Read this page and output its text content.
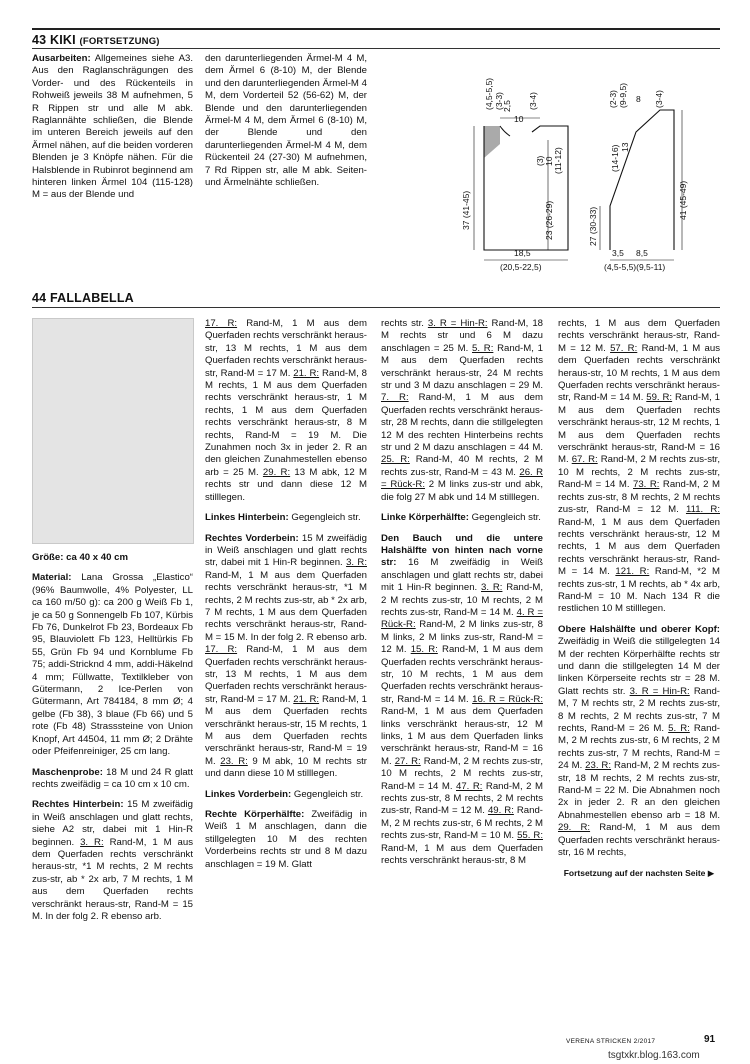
43 KIKI (FORTSETZUNG)

Ausarbeiten: Allgemeines siehe A3. Aus den Raglanschrägungen des Vorder- und des Rückenteils in Rohweiß jeweils 38 M aufnehmen, 5 R Rippen str und alle M abk. Raglannähte schließen, die Blende im unteren Bereich jeweils auf den Ärmel nähen, auf die beiden vorderen Blenden je 3 Knöpfe nähen. Für die Halsblende in Rubinrot beginnend am hinteren linken Ärmel 104 (115-128) M = aus der Blende und

den darunterliegenden Ärmel-M 4 M, dem Ärmel 6 (8-10) M, der Blende und den darunterliegenden Ärmel-M 4 M, dem Vorderteil 52 (56-62) M, der Blende und den darunterliegenden Ärmel-M 4 M, dem Ärmel 6 (8-10) M, der Blende und den darunterliegenden Ärmel-M 4 M, dem Rückenteil 24 (27-30) M aufnehmen, 7 Rd Rippen str, alle M abk. Seiten- und Ärmelnähte schließen.

37 (41-45)
(4,5-5,5) (3-3)
2,5
10
(3-4)
(3) 10 (11-12)
23 (26-29)
18,5
(20,5-22,5)
(2-3) (9-9,5) 8 (3-4)
(14-16) 13
41 (45-49)
27 (30-33)
3,5 8,5
(4,5-5,5)(9,5-11)
44 FALLABELLA

Größe: ca 40 x 40 cm

Material: Lana Grossa „Elastico“ (96% Baumwolle, 4% Polyester, LL ca 160 m/50 g): ca 200 g Weiß Fb 1, je ca 50 g Sonnengelb Fb 107, Kürbis Fb 76, Dunkelrot Fb 23, Bordeaux Fb 95, Blauviolett Fb 123, Helltürkis Fb 55, Grün Fb 94 und Kornblume Fb 75; addi-Stricknd 4 mm, addi-Häkelnd 4 mm; Füllwatte, Textilkleber von Gütermann, 2 Ice-Perlen von Gütermann, Art 784184, 8 mm Ø; 4 gelbe (Fb 38), 3 blaue (Fb 66) und 5 rote (Fb 48) Strasssteine von Union Knopf, Art 44504, 11 mm Ø; 2 Drähte oder Pfeifenreiniger, 25 cm lang.

Maschenprobe: 18 M und 24 R glatt rechts zweifädig = ca 10 cm x 10 cm.

Rechtes Hinterbein: 15 M zweifädig in Weiß anschlagen und glatt rechts, siehe A2 str, dabei mit 1 Hin-R beginnen. 3. R: Rand-M, 1 M aus dem Querfaden rechts verschränkt heraus-str, *1 M rechts, 2 M rechts zus-str, ab * 2x arb, 7 M rechts, 1 M aus dem Querfaden rechts verschränkt heraus-str, Rand-M = 15 M. In der folg 2. R ebenso arb.

17. R: Rand-M, 1 M aus dem Querfaden rechts verschränkt heraus-str, 13 M rechts, 1 M aus dem Querfaden rechts verschränkt heraus-str, Rand-M = 17 M. 21. R: Rand-M, 8 M rechts, 1 M aus dem Querfaden rechts verschränkt heraus-str, 1 M rechts, 1 M aus dem Querfaden rechts verschränkt heraus-str, 8 M rechts, Rand-M = 19 M. Die Zunahmen noch 3x in jeder 2. R an den gleichen Zunahmestellen ebenso arb = 25 M. 29. R: 13 M abk, 12 M rechts str und dann diese 12 M stilllegen.

Linkes Hinterbein: Gegengleich str.

Rechtes Vorderbein: 15 M zweifädig in Weiß anschlagen und glatt rechts str, dabei mit 1 Hin-R beginnen. 3. R: Rand-M, 1 M aus dem Querfaden rechts verschränkt heraus-str, *1 M rechts, 2 M rechts zus-str, ab * 2x arb, 7 M rechts, 1 M aus dem Querfaden rechts verschränkt heraus-str, Rand-M = 15 M. In der folg 2. R ebenso arb. 17. R: Rand-M, 1 M aus dem Querfaden rechts verschränkt heraus-str, 13 M rechts, 1 M aus dem Querfaden rechts verschränkt heraus-str, Rand-M = 17 M. 21. R: Rand-M, 1 M aus dem Querfaden rechts verschränkt heraus-str, 15 M rechts, 1 M aus dem Querfaden rechts verschränkt heraus-str, Rand-M = 19 M. 23. R: 9 M abk, 10 M rechts str und dann diese 10 M stilllegen.

Linkes Vorderbein: Gegengleich str.

Rechte Körperhälfte: Zweifädig in Weiß 1 M anschlagen, dann die stillgelegten 10 M des rechten Vorderbeins rechts str und 8 M dazu anschlagen = 19 M. Glatt

rechts str. 3. R = Hin-R: Rand-M, 18 M rechts str und 6 M dazu anschlagen = 25 M. 5. R: Rand-M, 1 M aus dem Querfaden rechts verschränkt heraus-str, 24 M rechts str und 3 M dazu anschlagen = 29 M. 7. R: Rand-M, 1 M aus dem Querfaden rechts verschränkt heraus-str, 28 M rechts, dann die stillgelegten 12 M des rechten Hinterbeins rechts str und 2 M dazu anschlagen = 44 M. 25. R: Rand-M, 40 M rechts, 2 M rechts zus-str, Rand-M = 43 M. 26. R = Rück-R: 2 M links zus-str und abk, die folg 27 M abk und 14 M stilllegen.

Linke Körperhälfte: Gegengleich str.

Den Bauch und die untere Halshälfte von hinten nach vorne str: 16 M zweifädig in Weiß anschlagen und glatt rechts str, dabei mit 1 Hin-R beginnen. 3. R: Rand-M, 2 M rechts zus-str, 10 M rechts, 2 M rechts zus-str, Rand-M = 14 M. 4. R = Rück-R: Rand-M, 2 M links zus-str, 8 M links, 2 M links zus-str, Rand-M = 12 M. 15. R: Rand-M, 1 M aus dem Querfaden rechts verschränkt heraus-str, 10 M rechts, 1 M aus dem Querfaden rechts verschränkt heraus-str, Rand-M = 14 M. 16. R = Rück-R: Rand-M, 1 M aus dem Querfaden links verschränkt heraus-str, 12 M links, 1 M aus dem Querfaden links verschränkt heraus-str, Rand-M = 16 M. 27. R: Rand-M, 2 M rechts zus-str, 10 M rechts, 2 M rechts zus-str, Rand-M = 14 M. 47. R: Rand-M, 2 M rechts zus-str, 8 M rechts, 2 M rechts zus-str, Rand-M = 12 M. 49. R: Rand-M, 2 M rechts zus-str, 6 M rechts, 2 M rechts zus-str, Rand-M = 10 M. 55. R: Rand-M, 1 M aus dem Querfaden rechts verschränkt heraus-str, 8 M

rechts, 1 M aus dem Querfaden rechts verschränkt heraus-str, Rand-M = 12 M. 57. R: Rand-M, 1 M aus dem Querfaden rechts verschränkt heraus-str, 10 M rechts, 1 M aus dem Querfaden rechts verschränkt heraus-str, Rand-M = 14 M. 59. R: Rand-M, 1 M aus dem Querfaden rechts verschränkt heraus-str, 12 M rechts, 1 M aus dem Querfaden rechts verschränkt heraus-str, Rand-M = 16 M. 67. R: Rand-M, 2 M rechts zus-str, 10 M rechts, 2 M rechts zus-str, Rand-M = 14 M. 73. R: Rand-M, 2 M rechts zus-str, 8 M rechts, 2 M rechts zus-str, Rand-M = 12 M. 111. R: Rand-M, 1 M aus dem Querfaden rechts verschränkt heraus-str, 12 M rechts, 1 M aus dem Querfaden rechts verschränkt heraus-str, Rand-M = 14 M. 121. R: Rand-M, *2 M rechts zus-str, 1 M rechts, ab * 4x arb, Rand-M = 10 M. Nach 134 R die restlichen 10 M stilllegen.

Obere Halshälfte und oberer Kopf: Zweifädig in Weiß die stillgelegten 14 M der rechten Körperhälfte rechts str und dann die stillgelegten 14 M der linken Körperseite rechts str = 28 M. Glatt rechts str. 3. R = Hin-R: Rand-M, 7 M rechts str, 2 M rechts zus-str, 8 M rechts, 2 M rechts zus-str, 7 M rechts, Rand-M = 26 M. 5. R: Rand-M, 2 M rechts zus-str, 6 M rechts, 2 M rechts zus-str, 7 M rechts, Rand-M = 24 M. 23. R: Rand-M, 2 M rechts zus-str, 18 M rechts, 2 M rechts zus-str, Rand-M = 22 M. Die Abnahmen noch 2x in jeder 2. R an den gleichen Abnahmestellen ebenso arb = 18 M. 29. R: Rand-M, 1 M aus dem Querfaden rechts verschränkt heraus-str, 16 M rechts,

Fortsetzung auf der nachsten Seite ▶
VERENA STRICKEN 2/2017	91
tsgtxkr.blog.163.com
